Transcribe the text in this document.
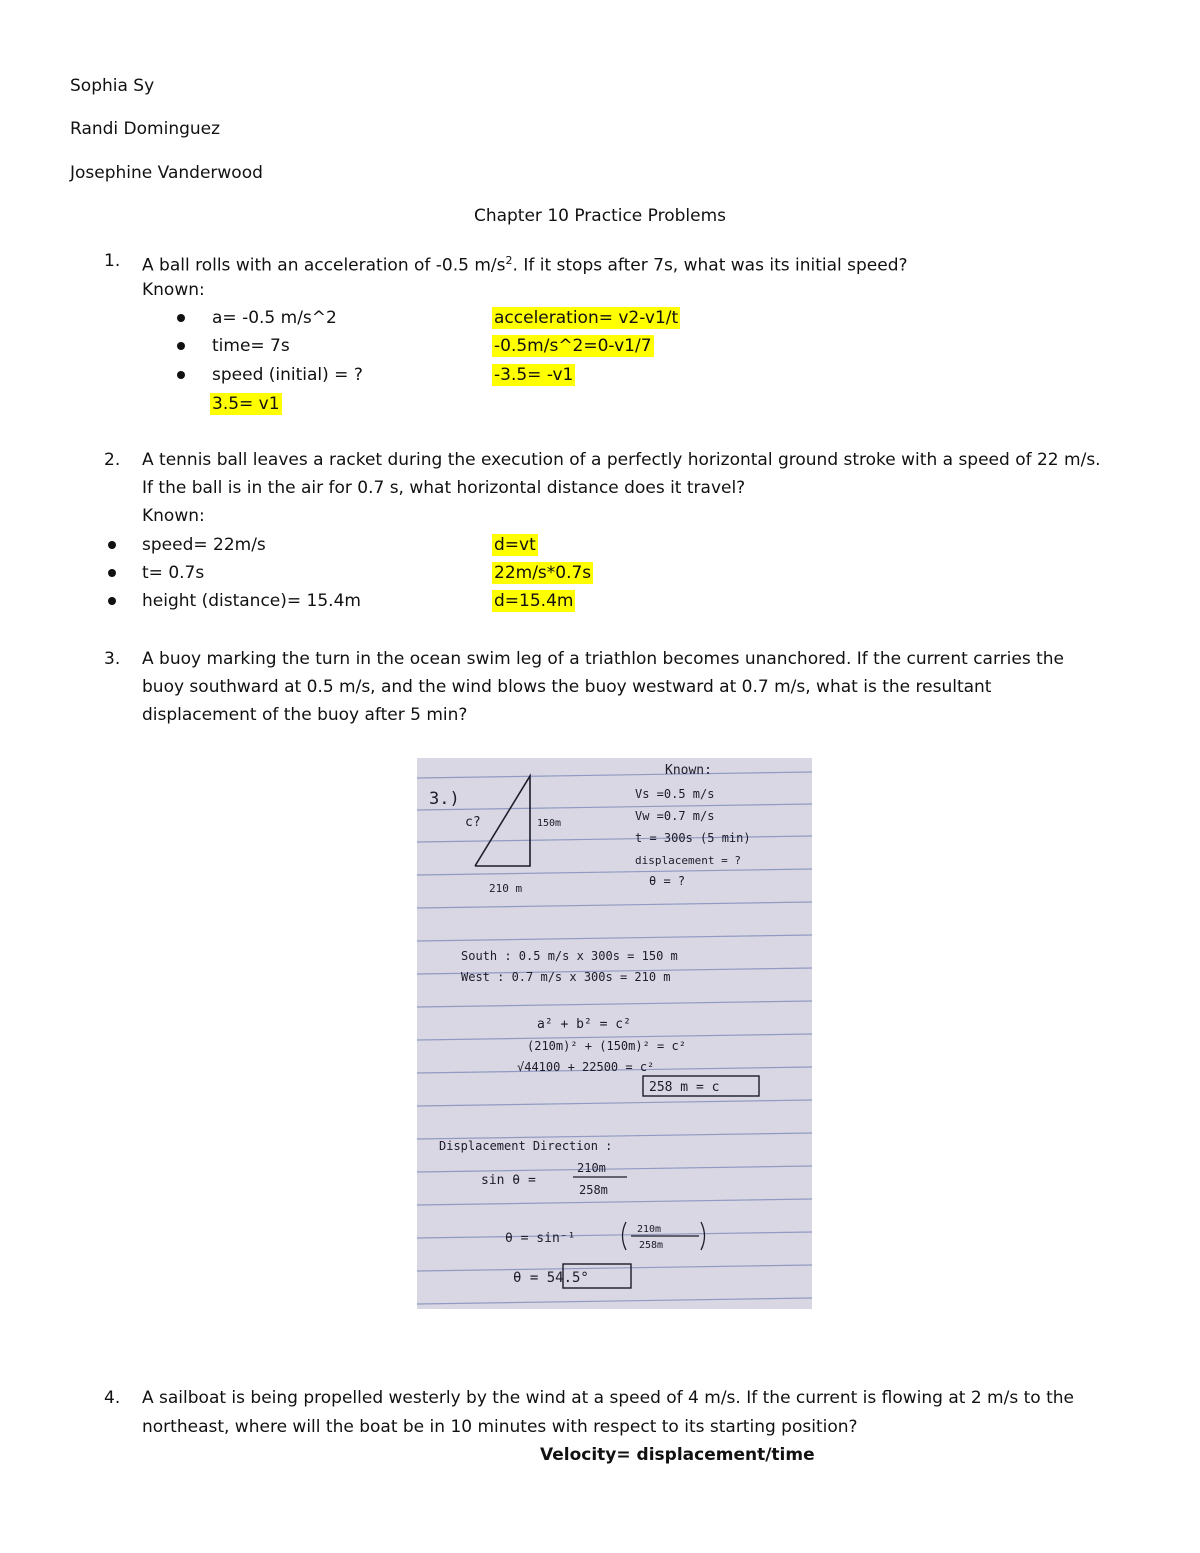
Sophia Sy
Randi Dominguez
Josephine Vanderwood
Chapter 10 Practice Problems
1. A ball rolls with an acceleration of -0.5 $m/s^2$. If it stops after 7s, what was its initial speed?
Known:
a= -0.5 m/s^2
time= 7s
speed (initial) = ?
3.5= v1
acceleration= v2-v1/t
-0.5m/s^2=0-v1/7
-3.5= -v1
2. A tennis ball leaves a racket during the execution of a perfectly horizontal ground stroke with a speed of 22 m/s.
If the ball is in the air for 0.7 s, what horizontal distance does it travel?
Known:
speed= 22m/s
t= 0.7s
height (distance)= 15.4m
d=vt
22m/s*0.7s
d=15.4m
3. A buoy marking the turn in the ocean swim leg of a triathlon becomes unanchored. If the current carries the
buoy southward at 0.5 m/s, and the wind blows the buoy westward at 0.7 m/s, what is the resultant
displacement of the buoy after 5 min?
3.)
c?	150m
210 m
Known:
Vs =0.5 m/s
Vw =0.7 m/s
t = 300s (5 min)
displacement = ?
θ = ?
South : 0.5 m/s x 300s = 150 m
West : 0.7 m/s x 300s = 210 m
a² + b² = c²
(210m)² + (150m)² = c²
√44100 + 22500 = c²
258 m = c
Displacement Direction :
sin θ =
210m
258m
θ = sin⁻¹
210m
258m
θ = 54.5°
4. A sailboat is being propelled westerly by the wind at a speed of 4 m/s. If the current is flowing at 2 m/s to the
northeast, where will the boat be in 10 minutes with respect to its starting position?
Velocity= displacement/time
